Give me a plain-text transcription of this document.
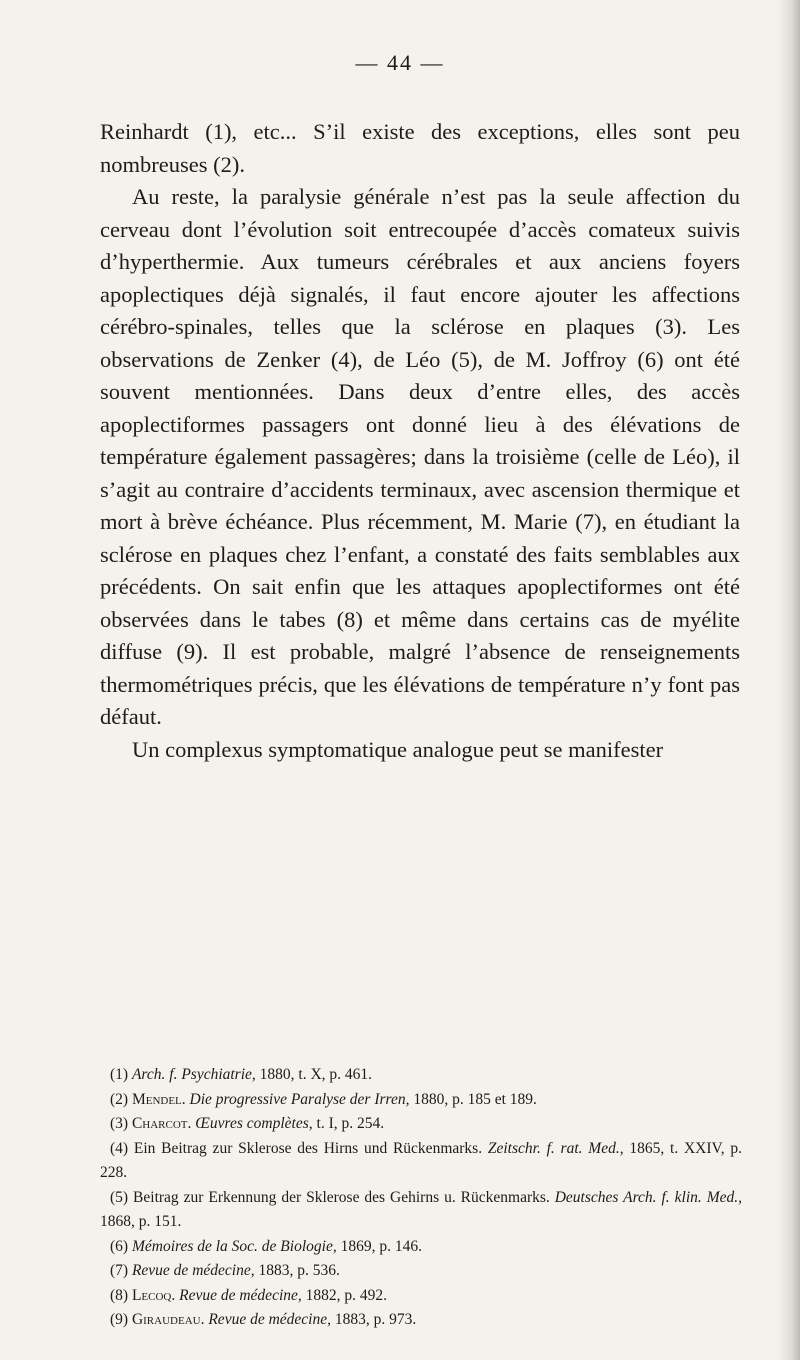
— 44 —

Reinhardt (1), etc... S’il existe des exceptions, elles sont peu nombreuses (2).

Au reste, la paralysie générale n’est pas la seule affection du cerveau dont l’évolution soit entrecoupée d’accès comateux suivis d’hyperthermie. Aux tumeurs cérébrales et aux anciens foyers apoplectiques déjà signalés, il faut encore ajouter les affections cérébro-spinales, telles que la sclérose en plaques (3). Les observations de Zenker (4), de Léo (5), de M. Joffroy (6) ont été souvent mentionnées. Dans deux d’entre elles, des accès apoplectiformes passagers ont donné lieu à des élévations de température également passagères; dans la troisième (celle de Léo), il s’agit au contraire d’accidents terminaux, avec ascension thermique et mort à brève échéance. Plus récemment, M. Marie (7), en étudiant la sclérose en plaques chez l’enfant, a constaté des faits semblables aux précédents. On sait enfin que les attaques apoplectiformes ont été observées dans le tabes (8) et même dans certains cas de myélite diffuse (9). Il est probable, malgré l’absence de renseignements thermométriques précis, que les élévations de température n’y font pas défaut.

Un complexus symptomatique analogue peut se manifester

(1) Arch. f. Psychiatrie, 1880, t. X, p. 461.

(2) Mendel. Die progressive Paralyse der Irren, 1880, p. 185 et 189.

(3) Charcot. Œuvres complètes, t. I, p. 254.

(4) Ein Beitrag zur Sklerose des Hirns und Rückenmarks. Zeitschr. f. rat. Med., 1865, t. XXIV, p. 228.

(5) Beitrag zur Erkennung der Sklerose des Gehirns u. Rückenmarks. Deutsches Arch. f. klin. Med., 1868, p. 151.

(6) Mémoires de la Soc. de Biologie, 1869, p. 146.

(7) Revue de médecine, 1883, p. 536.

(8) Lecoq. Revue de médecine, 1882, p. 492.

(9) Giraudeau. Revue de médecine, 1883, p. 973.
